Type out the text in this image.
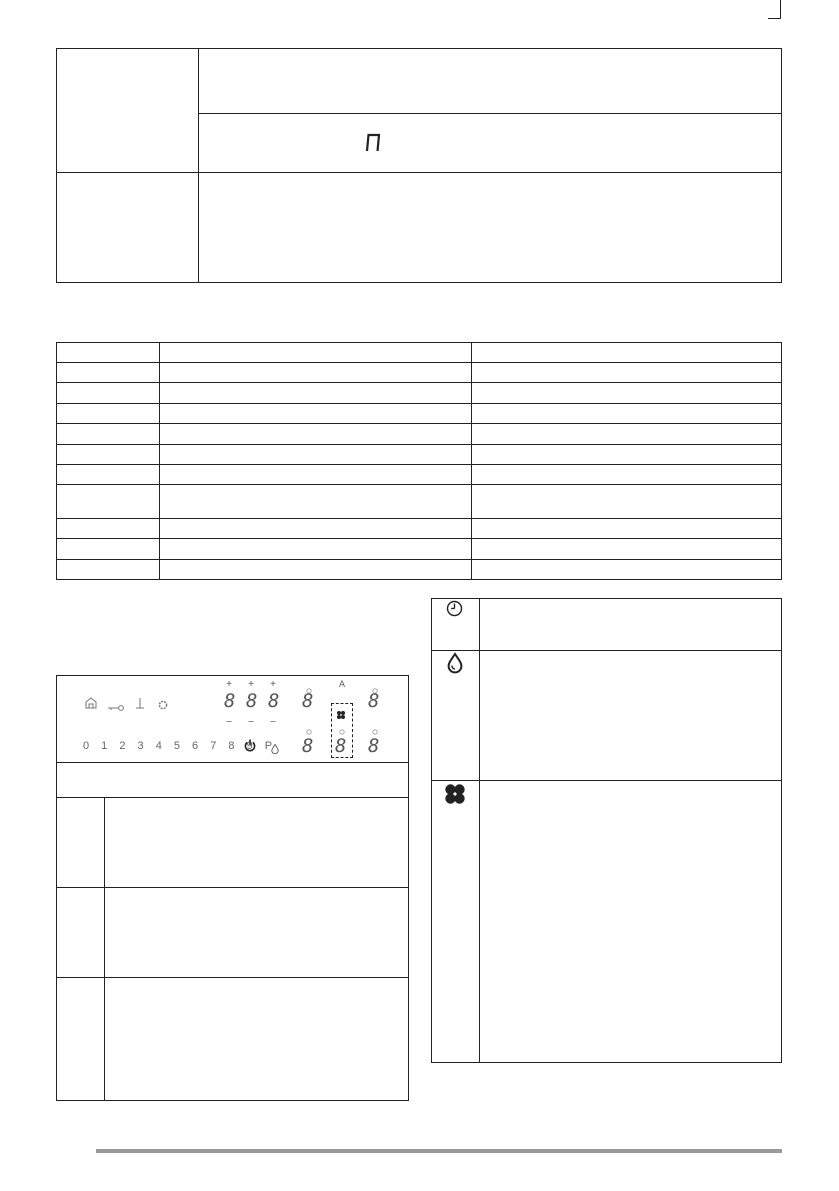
+ + +
8 8 8
− − −
8
8
A
8
8
8
0 1 2 3 4 5 6 7 8 9 P
